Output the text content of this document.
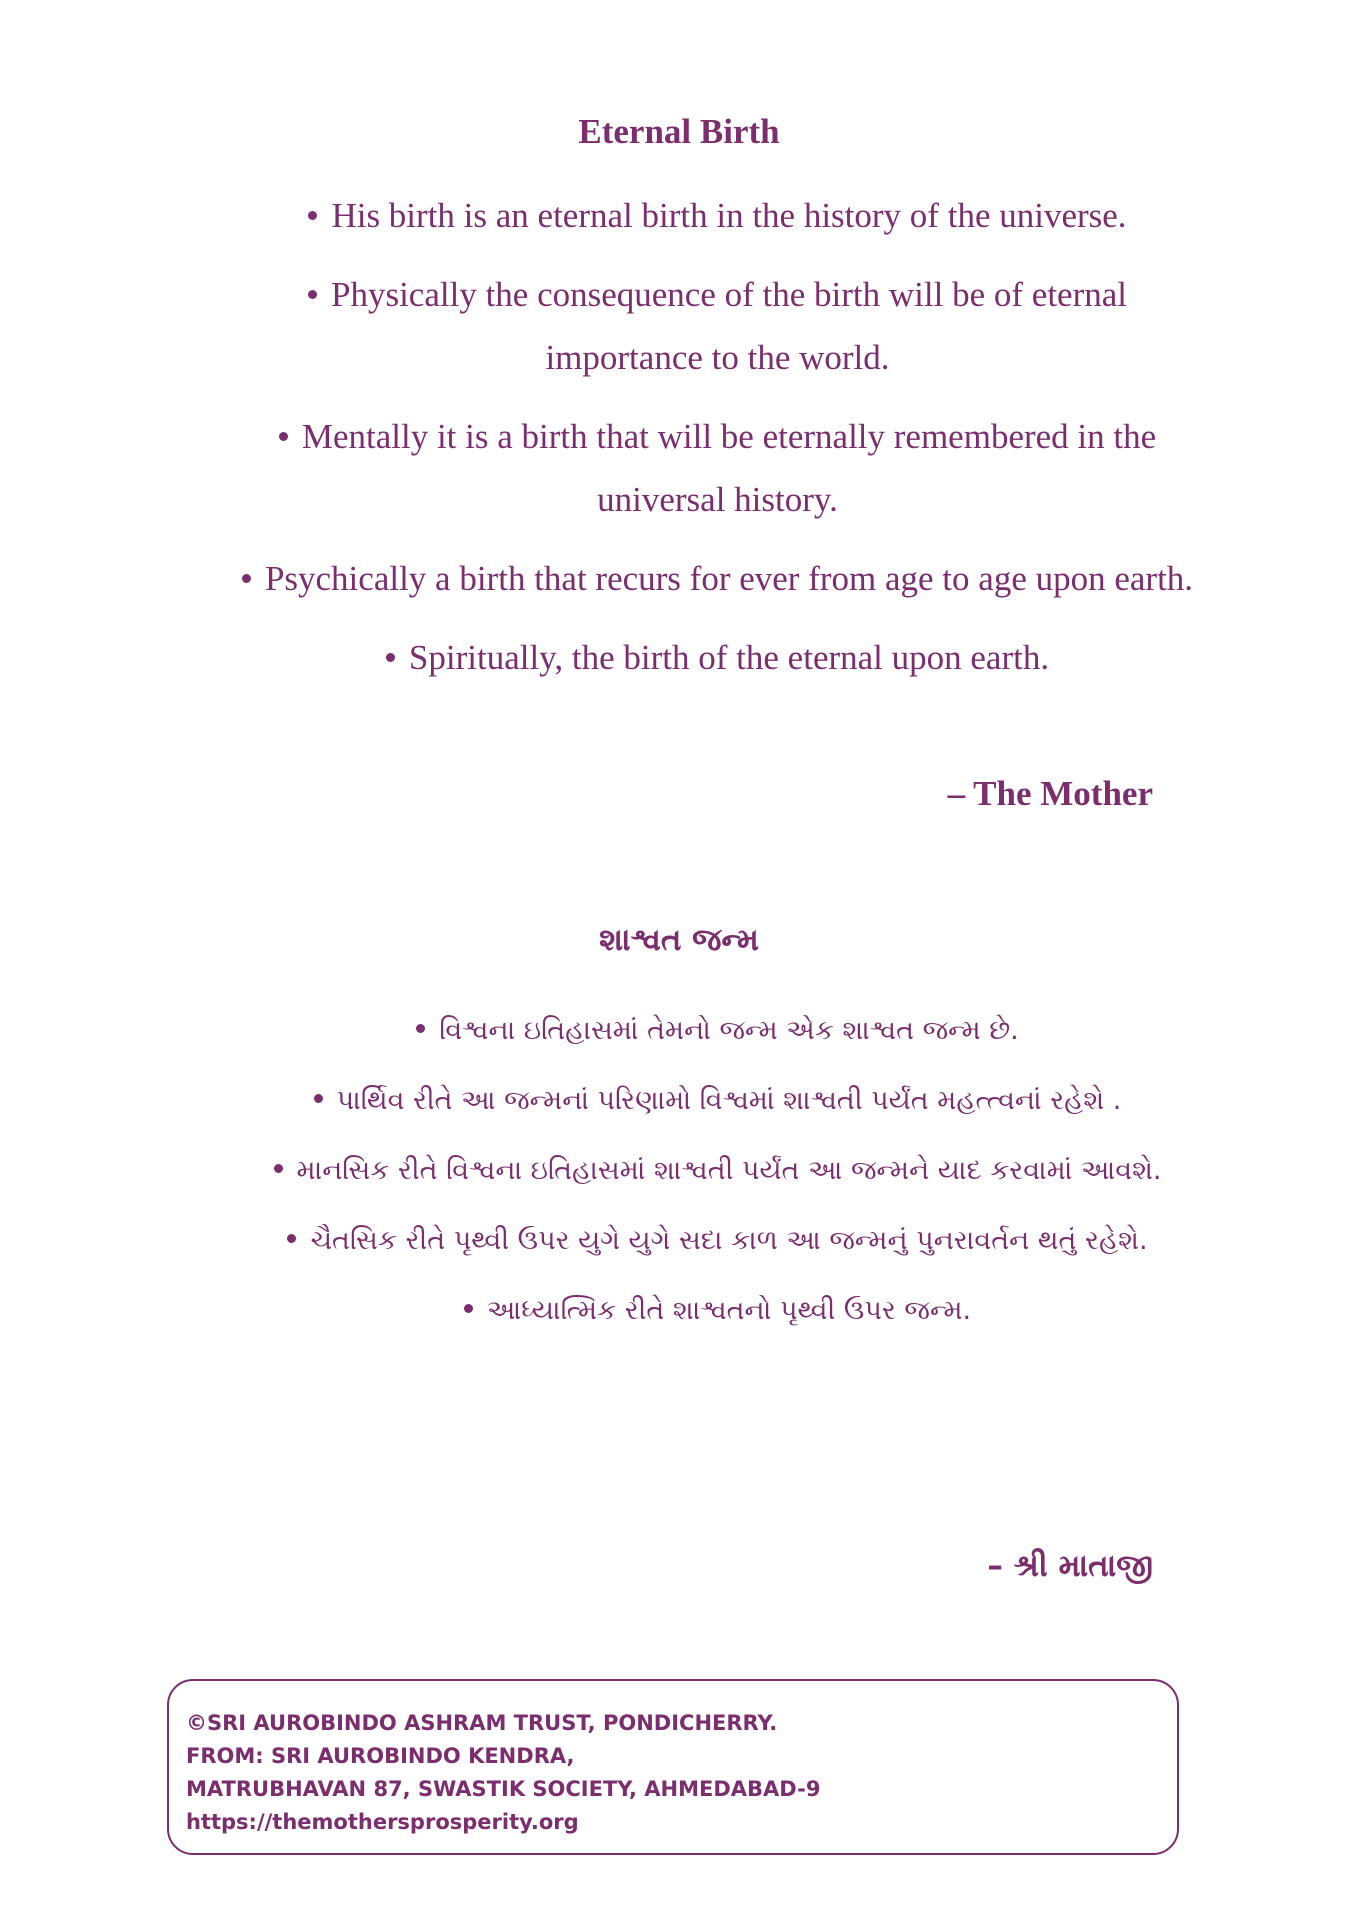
Eternal Birth
His birth is an eternal birth in the history of the universe.
Physically the consequence of the birth will be of eternal importance to the world.
Mentally it is a birth that will be eternally remembered in the universal history.
Psychically a birth that recurs for ever from age to age upon earth.
Spiritually, the birth of the eternal upon earth.

– The Mother

શાશ્વત જન્મ
વિશ્વના ઇતિહાસમાં તેમનો જન્મ એક શાશ્વત જન્મ છે.
પાર્થિવ રીતે આ જન્મનાં પરિણામો વિશ્વમાં શાશ્વતી પર્યંત મહત્ત્વનાં રહેશે .
માનસિક રીતે વિશ્વના ઇતિહાસમાં શાશ્વતી પર્યંત આ જન્મને યાદ કરવામાં આવશે.
ચૈતસિક રીતે પૃથ્વી ઉપર યુગે યુગે સદા કાળ આ જન્મનું પુનરાવર્તન થતું રહેશે.
આધ્યાત્મિક રીતે શાશ્વતનો પૃથ્વી ઉપર જન્મ.

– શ્રી માતાજી

©SRI AUROBINDO ASHRAM TRUST, PONDICHERRY.
FROM: SRI AUROBINDO KENDRA,
MATRUBHAVAN 87, SWASTIK SOCIETY, AHMEDABAD-9
https://themothersprosperity.org
